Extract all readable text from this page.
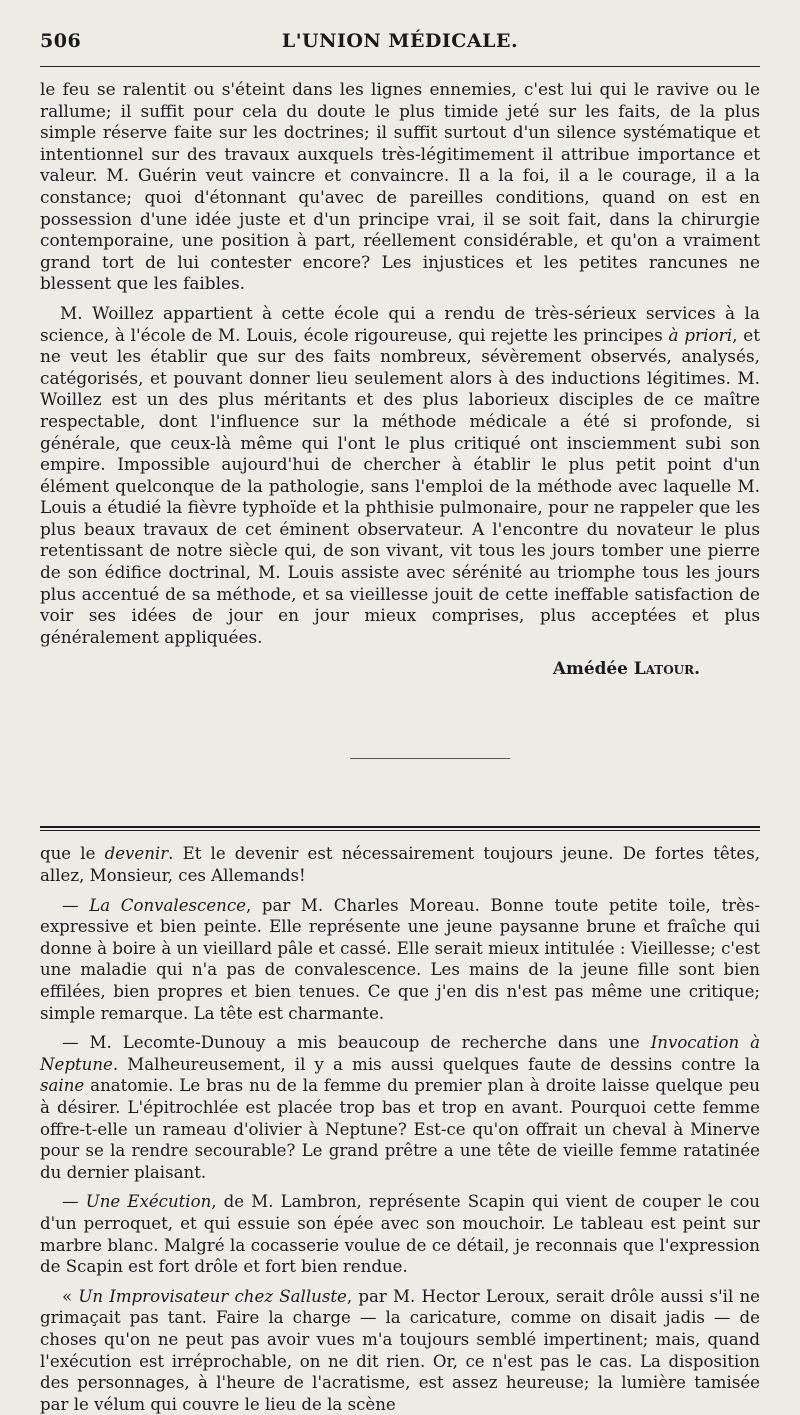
506	L'UNION MÉDICALE.

le feu se ralentit ou s'éteint dans les lignes ennemies, c'est lui qui le ravive ou le rallume; il suffit pour cela du doute le plus timide jeté sur les faits, de la plus simple réserve faite sur les doctrines; il suffit surtout d'un silence systématique et intentionnel sur des travaux auxquels très-légitimement il attribue importance et valeur. M. Guérin veut vaincre et convaincre. Il a la foi, il a le courage, il a la constance; quoi d'étonnant qu'avec de pareilles conditions, quand on est en possession d'une idée juste et d'un principe vrai, il se soit fait, dans la chirurgie contemporaine, une position à part, réellement considérable, et qu'on a vraiment grand tort de lui contester encore? Les injustices et les petites rancunes ne blessent que les faibles.

M. Woillez appartient à cette école qui a rendu de très-sérieux services à la science, à l'école de M. Louis, école rigoureuse, qui rejette les principes à priori, et ne veut les établir que sur des faits nombreux, sévèrement observés, analysés, catégorisés, et pouvant donner lieu seulement alors à des inductions légitimes. M. Woillez est un des plus méritants et des plus laborieux disciples de ce maître respectable, dont l'influence sur la méthode médicale a été si profonde, si générale, que ceux-là même qui l'ont le plus critiqué ont insciemment subi son empire. Impossible aujourd'hui de chercher à établir le plus petit point d'un élément quelconque de la pathologie, sans l'emploi de la méthode avec laquelle M. Louis a étudié la fièvre typhoïde et la phthisie pulmonaire, pour ne rappeler que les plus beaux travaux de cet éminent observateur. A l'encontre du novateur le plus retentissant de notre siècle qui, de son vivant, vit tous les jours tomber une pierre de son édifice doctrinal, M. Louis assiste avec sérénité au triomphe tous les jours plus accentué de sa méthode, et sa vieillesse jouit de cette ineffable satisfaction de voir ses idées de jour en jour mieux comprises, plus acceptées et plus généralement appliquées.

Amédée Latour.

que le devenir. Et le devenir est nécessairement toujours jeune. De fortes têtes, allez, Monsieur, ces Allemands!

— La Convalescence, par M. Charles Moreau. Bonne toute petite toile, très-expressive et bien peinte. Elle représente une jeune paysanne brune et fraîche qui donne à boire à un vieillard pâle et cassé. Elle serait mieux intitulée : Vieillesse; c'est une maladie qui n'a pas de convalescence. Les mains de la jeune fille sont bien effilées, bien propres et bien tenues. Ce que j'en dis n'est pas même une critique; simple remarque. La tête est charmante.

— M. Lecomte-Dunouy a mis beaucoup de recherche dans une Invocation à Neptune. Malheureusement, il y a mis aussi quelques faute de dessins contre la saine anatomie. Le bras nu de la femme du premier plan à droite laisse quelque peu à désirer. L'épitrochlée est placée trop bas et trop en avant. Pourquoi cette femme offre-t-elle un rameau d'olivier à Neptune? Est-ce qu'on offrait un cheval à Minerve pour se la rendre secourable? Le grand prêtre a une tête de vieille femme ratatinée du dernier plaisant.

— Une Exécution, de M. Lambron, représente Scapin qui vient de couper le cou d'un perroquet, et qui essuie son épée avec son mouchoir. Le tableau est peint sur marbre blanc. Malgré la cocasserie voulue de ce détail, je reconnais que l'expression de Scapin est fort drôle et fort bien rendue.

« Un Improvisateur chez Salluste, par M. Hector Leroux, serait drôle aussi s'il ne grimaçait pas tant. Faire la charge — la caricature, comme on disait jadis — de choses qu'on ne peut pas avoir vues m'a toujours semblé impertinent; mais, quand l'exécution est irréprochable, on ne dit rien. Or, ce n'est pas le cas. La disposition des personnages, à l'heure de l'acratisme, est assez heureuse; la lumière tamisée par le vélum qui couvre le lieu de la scène
